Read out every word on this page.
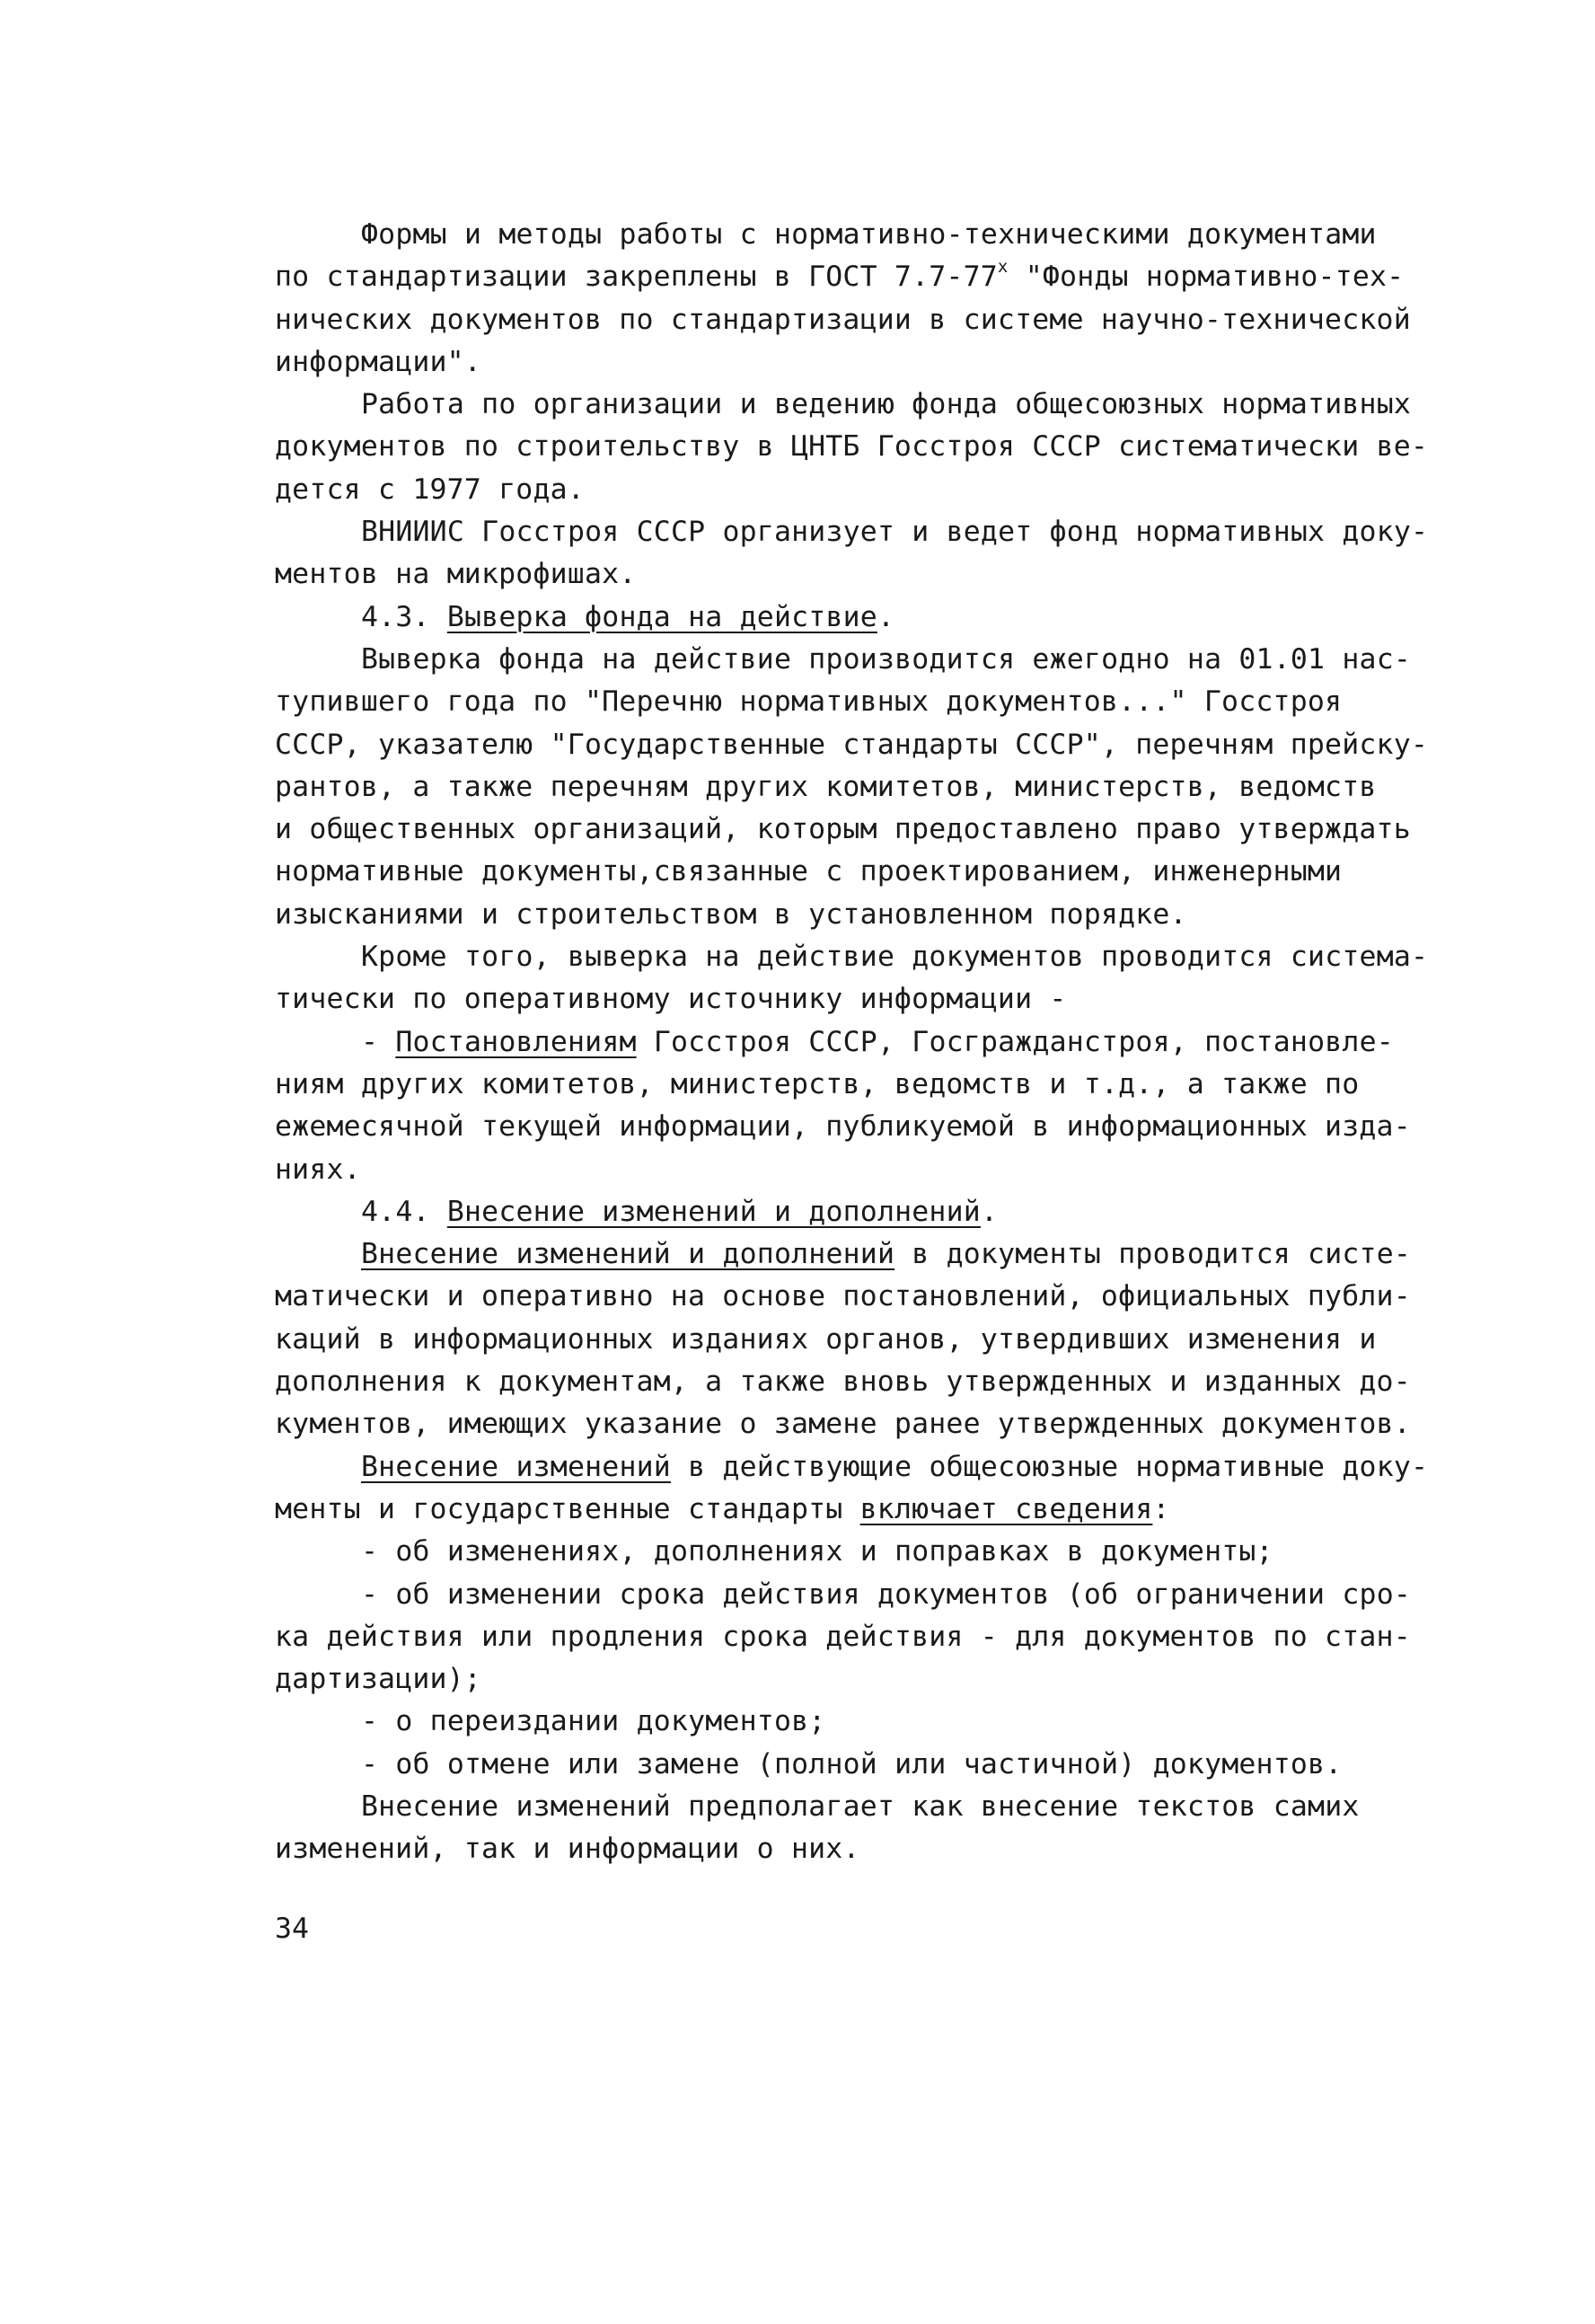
Формы и методы работы с нормативно-техническими документами
по стандартизации закреплены в ГОСТ $7.7-77^х$ "Фонды нормативно-тех-
нических документов по стандартизации в системе научно-технической
информации".
Работа по организации и ведению фонда общесоюзных нормативных
документов по строительству в ЦНТБ Госстроя СССР систематически ве-
дется с 1977 года.
ВНИИИС Госстроя СССР организует и ведет фонд нормативных доку-
ментов на микрофишах.
4.3. Выверка фонда на действие.
Выверка фонда на действие производится ежегодно на 01.01 нас-
тупившего года по "Перечню нормативных документов..." Госстроя
СССР, указателю "Государственные стандарты СССР", перечням прейску-
рантов, а также перечням других комитетов, министерств, ведомств
и общественных организаций, которым предоставлено право утверждать
нормативные документы,связанные с проектированием, инженерными
изысканиями и строительством в установленном порядке.
Кроме того, выверка на действие документов проводится система-
тически по оперативному источнику информации -
- Постановлениям Госстроя СССР, Госгражданстроя, постановле-
ниям других комитетов, министерств, ведомств и т.д., а также по
ежемесячной текущей информации, публикуемой в информационных изда-
ниях.
4.4. Внесение изменений и дополнений.
Внесение изменений и дополнений в документы проводится систе-
матически и оперативно на основе постановлений, официальных публи-
каций в информационных изданиях органов, утвердивших изменения и
дополнения к документам, а также вновь утвержденных и изданных до-
кументов, имеющих указание о замене ранее утвержденных документов.
Внесение изменений в действующие общесоюзные нормативные доку-
менты и государственные стандарты включает сведения:
- об изменениях, дополнениях и поправках в документы;
- об изменении срока действия документов (об ограничении сро-
ка действия или продления срока действия - для документов по стан-
дартизации);
- о переиздании документов;
- об отмене или замене (полной или частичной) документов.
Внесение изменений предполагает как внесение текстов самих
изменений, так и информации о них.
34
